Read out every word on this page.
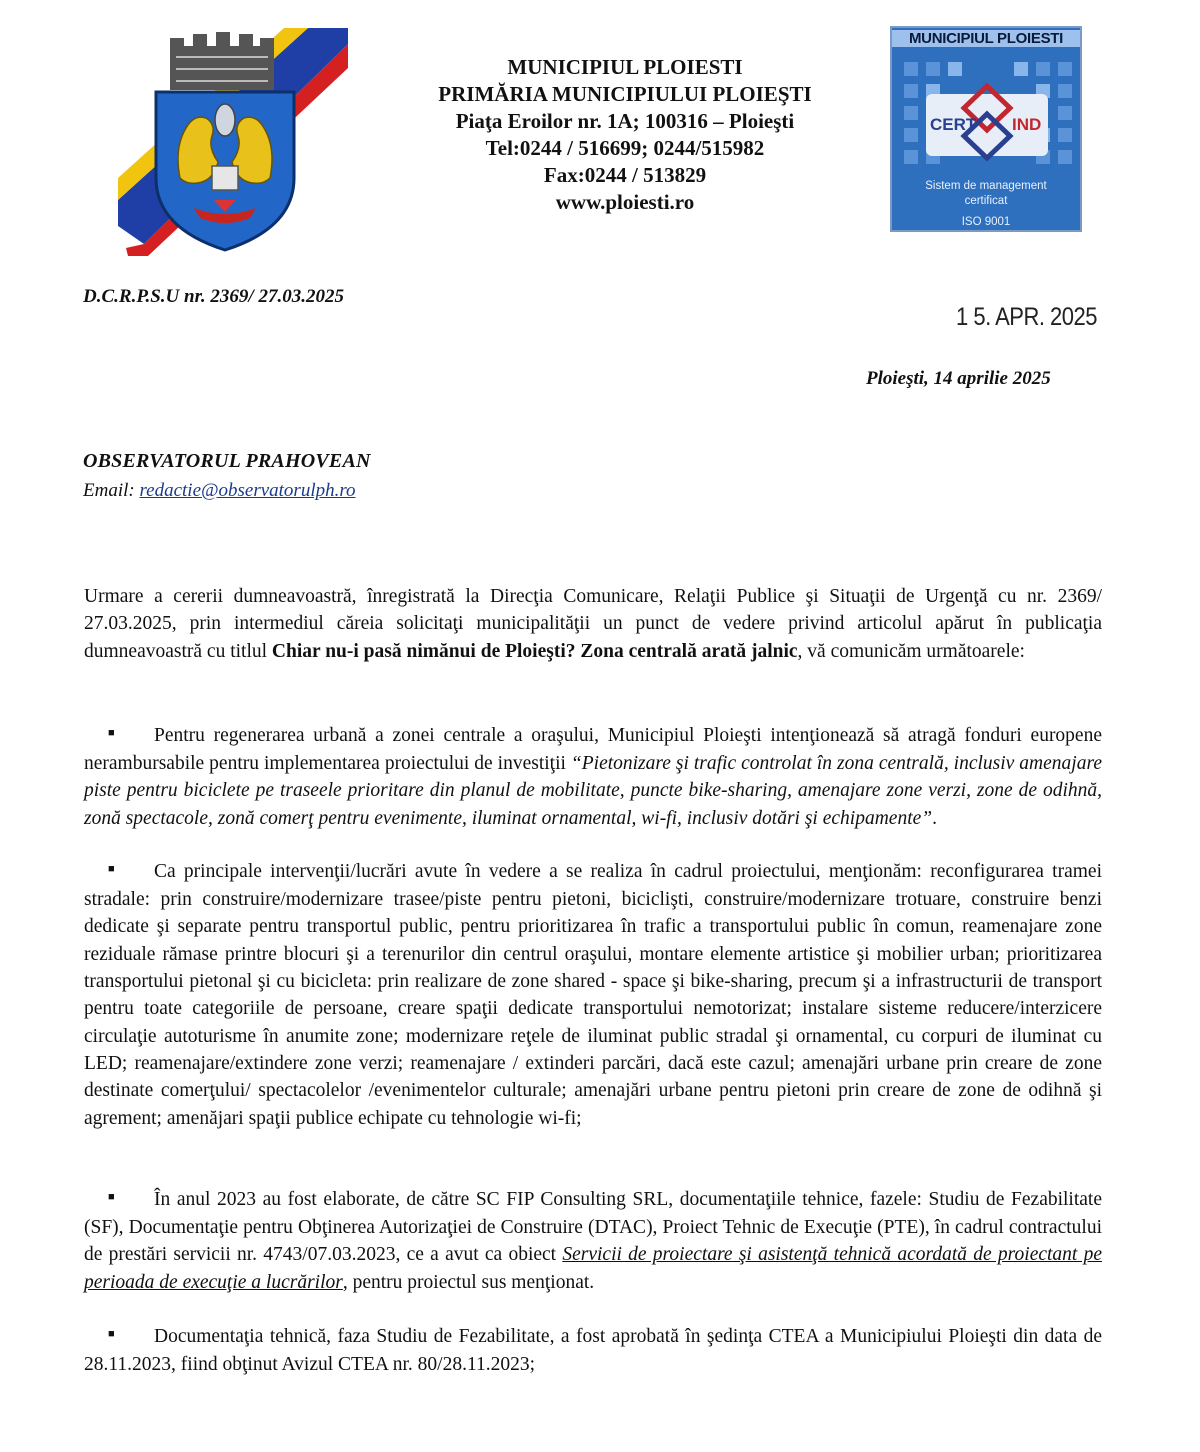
MUNICIPIUL PLOIESTI
PRIMĂRIA MUNICIPIULUI PLOIEŞTI
Piaţa Eroilor nr. 1A; 100316 – Ploieşti
Tel:0244 / 516699; 0244/515982
Fax:0244 / 513829
www.ploiesti.ro
MUNICIPIUL PLOIESTI
CERT IND
Sistem de management
certificat
ISO 9001
D.C.R.P.S.U nr. 2369/ 27.03.2025
1 5. APR. 2025
Ploieşti, 14 aprilie 2025
OBSERVATORUL PRAHOVEAN
Email: redactie@observatorulph.ro
Urmare a cererii dumneavoastră, înregistrată la Direcţia Comunicare, Relaţii Publice şi Situaţii de Urgenţă cu nr. 2369/ 27.03.2025, prin intermediul căreia solicitaţi municipalităţii un punct de vedere privind articolul apărut în publicaţia dumneavoastră cu titlul Chiar nu-i pasă nimănui de Ploieşti? Zona centrală arată jalnic, vă comunicăm următoarele:
■ Pentru regenerarea urbană a zonei centrale a oraşului, Municipiul Ploieşti intenţionează să atragă fonduri europene nerambursabile pentru implementarea proiectului de investiţii “Pietonizare şi trafic controlat în zona centrală, inclusiv amenajare piste pentru biciclete pe traseele prioritare din planul de mobilitate, puncte bike-sharing, amenajare zone verzi, zone de odihnă, zonă spectacole, zonă comerţ pentru evenimente, iluminat ornamental, wi-fi, inclusiv dotări şi echipamente”.
■ Ca principale intervenţii/lucrări avute în vedere a se realiza în cadrul proiectului, menţionăm: reconfigurarea tramei stradale: prin construire/modernizare trasee/piste pentru pietoni, biciclişti, construire/modernizare trotuare, construire benzi dedicate şi separate pentru transportul public, pentru prioritizarea în trafic a transportului public în comun, reamenajare zone reziduale rămase printre blocuri şi a terenurilor din centrul oraşului, montare elemente artistice şi mobilier urban; prioritizarea transportului pietonal şi cu bicicleta: prin realizare de zone shared - space şi bike-sharing, precum şi a infrastructurii de transport pentru toate categoriile de persoane, creare spaţii dedicate transportului nemotorizat; instalare sisteme reducere/interzicere circulaţie autoturisme în anumite zone; modernizare reţele de iluminat public stradal şi ornamental, cu corpuri de iluminat cu LED; reamenajare/extindere zone verzi; reamenajare / extinderi parcări, dacă este cazul; amenajări urbane prin creare de zone destinate comerţului/ spectacolelor /evenimentelor culturale; amenajări urbane pentru pietoni prin creare de zone de odihnă şi agrement; amenăjari spaţii publice echipate cu tehnologie wi-fi;
■ În anul 2023 au fost elaborate, de către SC FIP Consulting SRL, documentaţiile tehnice, fazele: Studiu de Fezabilitate (SF), Documentaţie pentru Obţinerea Autorizaţiei de Construire (DTAC), Proiect Tehnic de Execuţie (PTE), în cadrul contractului de prestări servicii nr. 4743/07.03.2023, ce a avut ca obiect Servicii de proiectare şi asistenţă tehnică acordată de proiectant pe perioada de execuţie a lucrărilor, pentru proiectul sus menţionat.
■ Documentaţia tehnică, faza Studiu de Fezabilitate, a fost aprobată în şedinţa CTEA a Municipiului Ploieşti din data de 28.11.2023, fiind obţinut Avizul CTEA nr. 80/28.11.2023;
